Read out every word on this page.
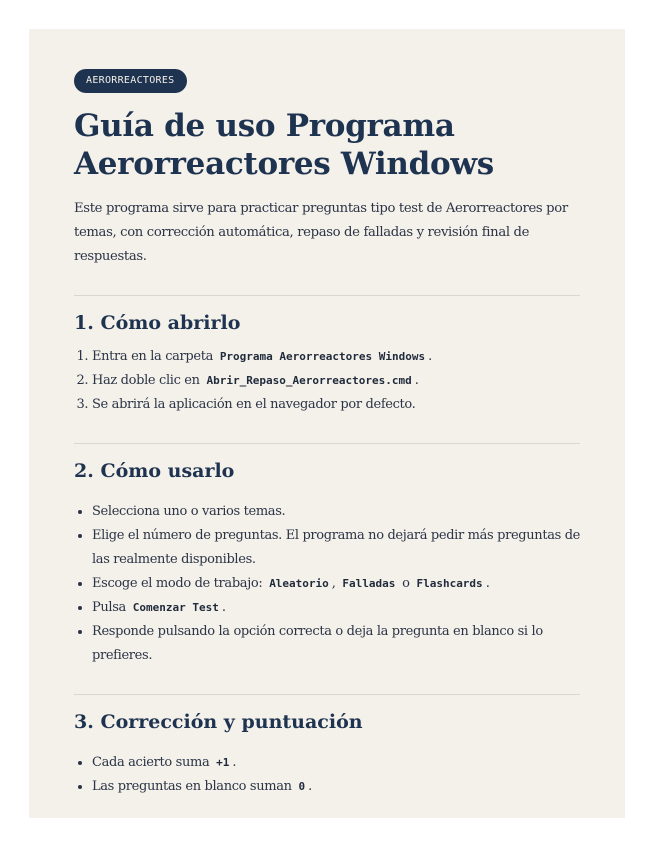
AERORREACTORES
Guía de uso Programa Aerorreactores Windows

Este programa sirve para practicar preguntas tipo test de Aerorreactores por temas, con corrección automática, repaso de falladas y revisión final de respuestas.

1. Cómo abrirlo
1. Entra en la carpeta Programa Aerorreactores Windows .
2. Haz doble clic en Abrir_Repaso_Aerorreactores.cmd .
3. Se abrirá la aplicación en el navegador por defecto.
2. Cómo usarlo
• Selecciona uno o varios temas.
• Elige el número de preguntas. El programa no dejará pedir más preguntas de las realmente disponibles.
• Escoge el modo de trabajo: Aleatorio , Falladas o Flashcards .
• Pulsa Comenzar Test .
• Responde pulsando la opción correcta o deja la pregunta en blanco si lo prefieres.
3. Corrección y puntuación
• Cada acierto suma +1 .
• Las preguntas en blanco suman 0 .
